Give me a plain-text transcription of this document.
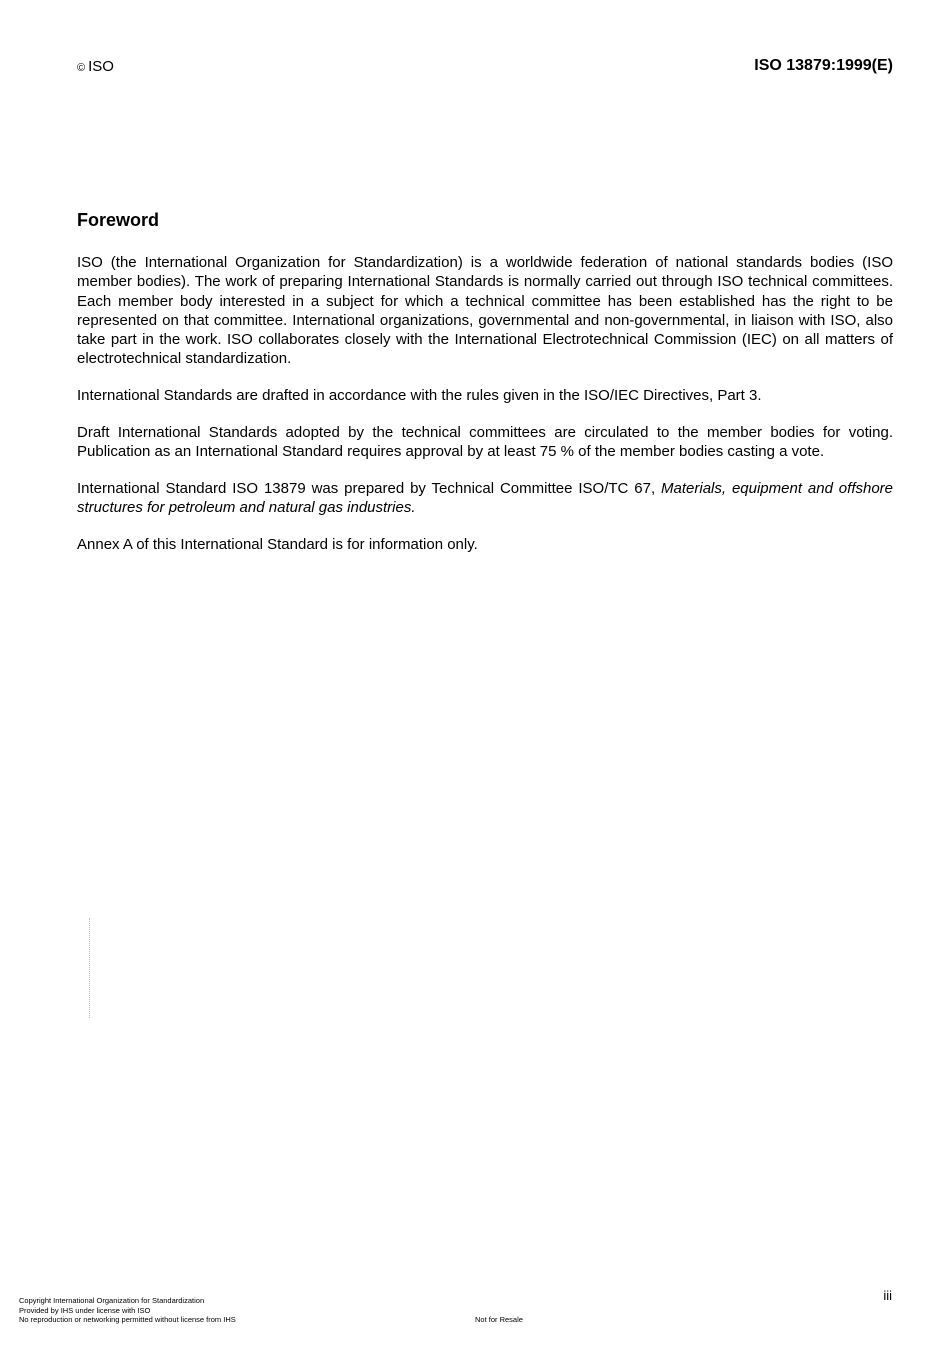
© ISO	ISO 13879:1999(E)
Foreword

ISO (the International Organization for Standardization) is a worldwide federation of national standards bodies (ISO member bodies). The work of preparing International Standards is normally carried out through ISO technical committees. Each member body interested in a subject for which a technical committee has been established has the right to be represented on that committee. International organizations, governmental and non-governmental, in liaison with ISO, also take part in the work. ISO collaborates closely with the International Electrotechnical Commission (IEC) on all matters of electrotechnical standardization.

International Standards are drafted in accordance with the rules given in the ISO/IEC Directives, Part 3.

Draft International Standards adopted by the technical committees are circulated to the member bodies for voting. Publication as an International Standard requires approval by at least 75 % of the member bodies casting a vote.

International Standard ISO 13879 was prepared by Technical Committee ISO/TC 67, Materials, equipment and offshore structures for petroleum and natural gas industries.

Annex A of this International Standard is for information only.

iii
Copyright International Organization for Standardization
Provided by IHS under license with ISO
No reproduction or networking permitted without license from IHS	Not for Resale
